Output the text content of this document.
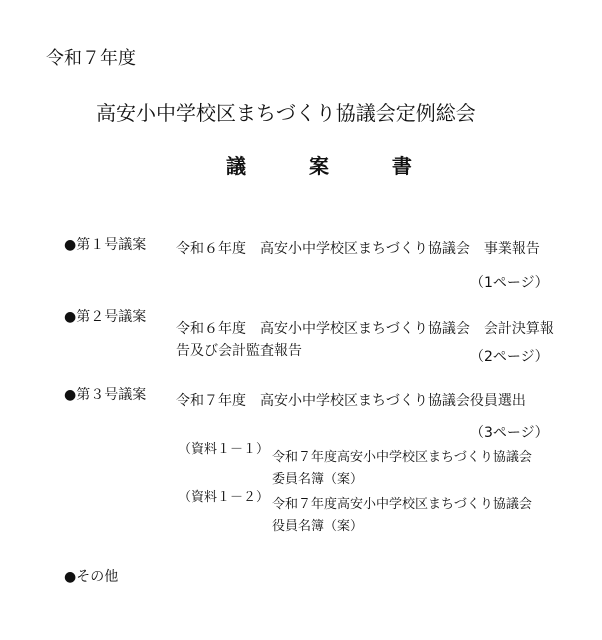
令和７年度
高安小中学校区まちづくり協議会定例総会
議 案 書
●第１号議案 令和６年度　高安小中学校区まちづくり協議会　事業報告
（1ページ）
●第２号議案
令和６年度　高安小中学校区まちづくり協議会　会計決算報
告及び会計監査報告	（2ページ）
●第３号議案 令和７年度　高安小中学校区まちづくり協議会役員選出
（3ページ）
（資料１－１）
令和７年度高安小中学校区まちづくり協議会
委員名簿（案）
（資料１－２） 令和７年度高安小中学校区まちづくり協議会
役員名簿（案）
●その他
